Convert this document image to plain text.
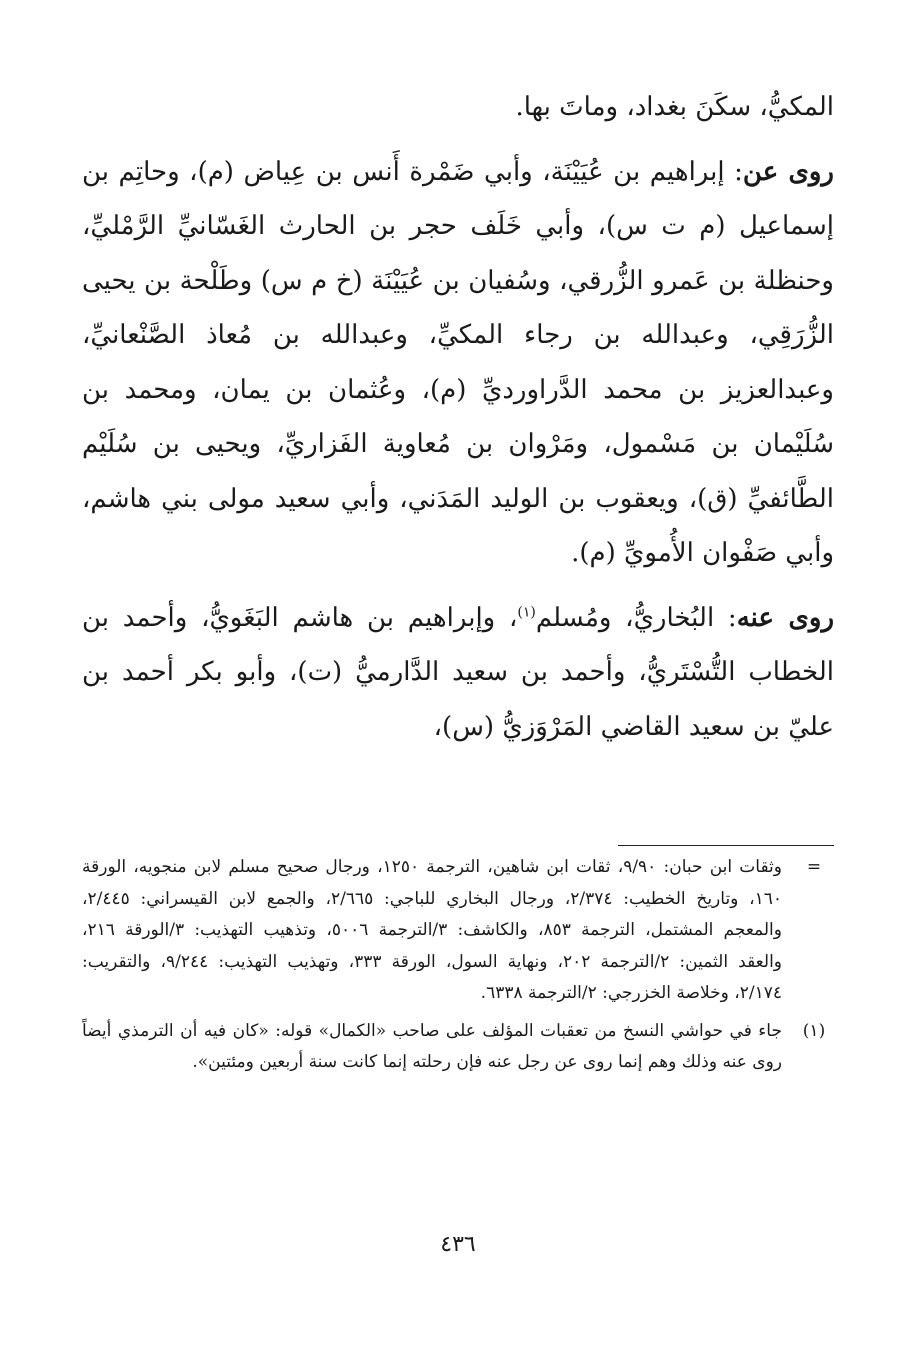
المكيُّ، سكَنَ بغداد، وماتَ بها.

روى عن: إبراهيم بن عُيَيْنَة، وأبي ضَمْرة أَنس بن عِياض (م)، وحاتِم بن إسماعيل (م ت س)، وأبي خَلَف حجر بن الحارث الغَسّانيِّ الرَّمْليِّ، وحنظلة بن عَمرو الزُّرقي، وسُفيان بن عُيَيْنَة (خ م س) وطَلْحة بن يحيى الزُّرَقِي، وعبدالله بن رجاء المكيِّ، وعبدالله بن مُعاذ الصَّنْعانيِّ، وعبدالعزيز بن محمد الدَّراورديِّ (م)، وعُثمان بن يمان، ومحمد بن سُلَيْمان بن مَسْمول، ومَرْوان بن مُعاوية الفَزاريِّ، ويحيى بن سُلَيْم الطَّائفيِّ (ق)، ويعقوب بن الوليد المَدَني، وأبي سعيد مولى بني هاشم، وأبي صَفْوان الأُمويِّ (م).

روى عنه: البُخاريُّ، ومُسلم$^{(١)}$، وإبراهيم بن هاشم البَغَويُّ، وأحمد بن الخطاب التُّسْتَريُّ، وأحمد بن سعيد الدَّارميُّ (ت)، وأبو بكر أحمد بن عليّ بن سعيد القاضي المَرْوَزيُّ (س)،

=
وثقات ابن حبان: ٩/٩٠، ثقات ابن شاهين، الترجمة ١٢٥٠، ورجال صحيح مسلم لابن منجويه، الورقة ١٦٠، وتاريخ الخطيب: ٢/٣٧٤، ورجال البخاري للباجي: ٢/٦٦٥، والجمع لابن القيسراني: ٢/٤٤٥، والمعجم المشتمل، الترجمة ٨٥٣، والكاشف: ٣/الترجمة ٥٠٠٦، وتذهيب التهذيب: ٣/الورقة ٢١٦، والعقد الثمين: ٢/الترجمة ٢٠٢، ونهاية السول، الورقة ٣٣٣، وتهذيب التهذيب: ٩/٢٤٤، والتقريب: ٢/١٧٤، وخلاصة الخزرجي: ٢/الترجمة ٦٣٣٨.
(١)
جاء في حواشي النسخ من تعقبات المؤلف على صاحب «الكمال» قوله: «كان فيه أن الترمذي أيضاً روى عنه وذلك وهم إنما روى عن رجل عنه فإن رحلته إنما كانت سنة أربعين ومئتين».
٤٣٦
